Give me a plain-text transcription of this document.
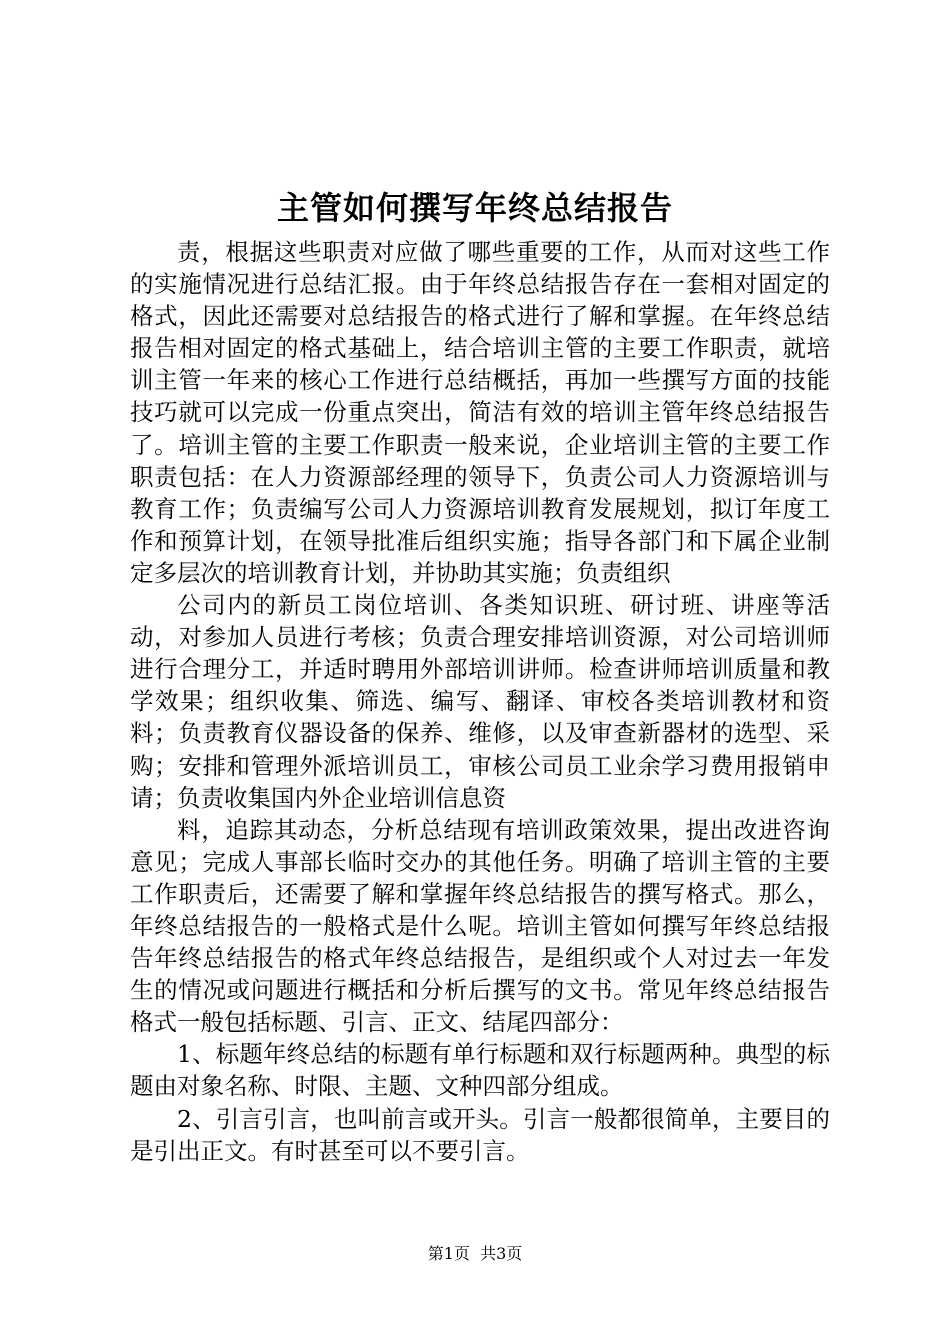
主管如何撰写年终总结报告

责，根据这些职责对应做了哪些重要的工作，从而对这些工作的实施情况进行总结汇报。由于年终总结报告存在一套相对固定的格式，因此还需要对总结报告的格式进行了解和掌握。在年终总结报告相对固定的格式基础上，结合培训主管的主要工作职责，就培训主管一年来的核心工作进行总结概括，再加一些撰写方面的技能技巧就可以完成一份重点突出，简洁有效的培训主管年终总结报告了。培训主管的主要工作职责一般来说，企业培训主管的主要工作职责包括：在人力资源部经理的领导下，负责公司人力资源培训与教育工作；负责编写公司人力资源培训教育发展规划，拟订年度工作和预算计划，在领导批准后组织实施；指导各部门和下属企业制定多层次的培训教育计划，并协助其实施；负责组织

公司内的新员工岗位培训、各类知识班、研讨班、讲座等活动，对参加人员进行考核；负责合理安排培训资源，对公司培训师进行合理分工，并适时聘用外部培训讲师。检查讲师培训质量和教学效果；组织收集、筛选、编写、翻译、审校各类培训教材和资料；负责教育仪器设备的保养、维修，以及审查新器材的选型、采购；安排和管理外派培训员工，审核公司员工业余学习费用报销申请；负责收集国内外企业培训信息资

料，追踪其动态，分析总结现有培训政策效果，提出改进咨询意见；完成人事部长临时交办的其他任务。明确了培训主管的主要工作职责后，还需要了解和掌握年终总结报告的撰写格式。那么，年终总结报告的一般格式是什么呢。培训主管如何撰写年终总结报告年终总结报告的格式年终总结报告，是组织或个人对过去一年发生的情况或问题进行概括和分析后撰写的文书。常见年终总结报告格式一般包括标题、引言、正文、结尾四部分：

1、标题年终总结的标题有单行标题和双行标题两种。典型的标题由对象名称、时限、主题、文种四部分组成。

2、引言引言，也叫前言或开头。引言一般都很简单，主要目的是引出正文。有时甚至可以不要引言。

第1页 共3页
